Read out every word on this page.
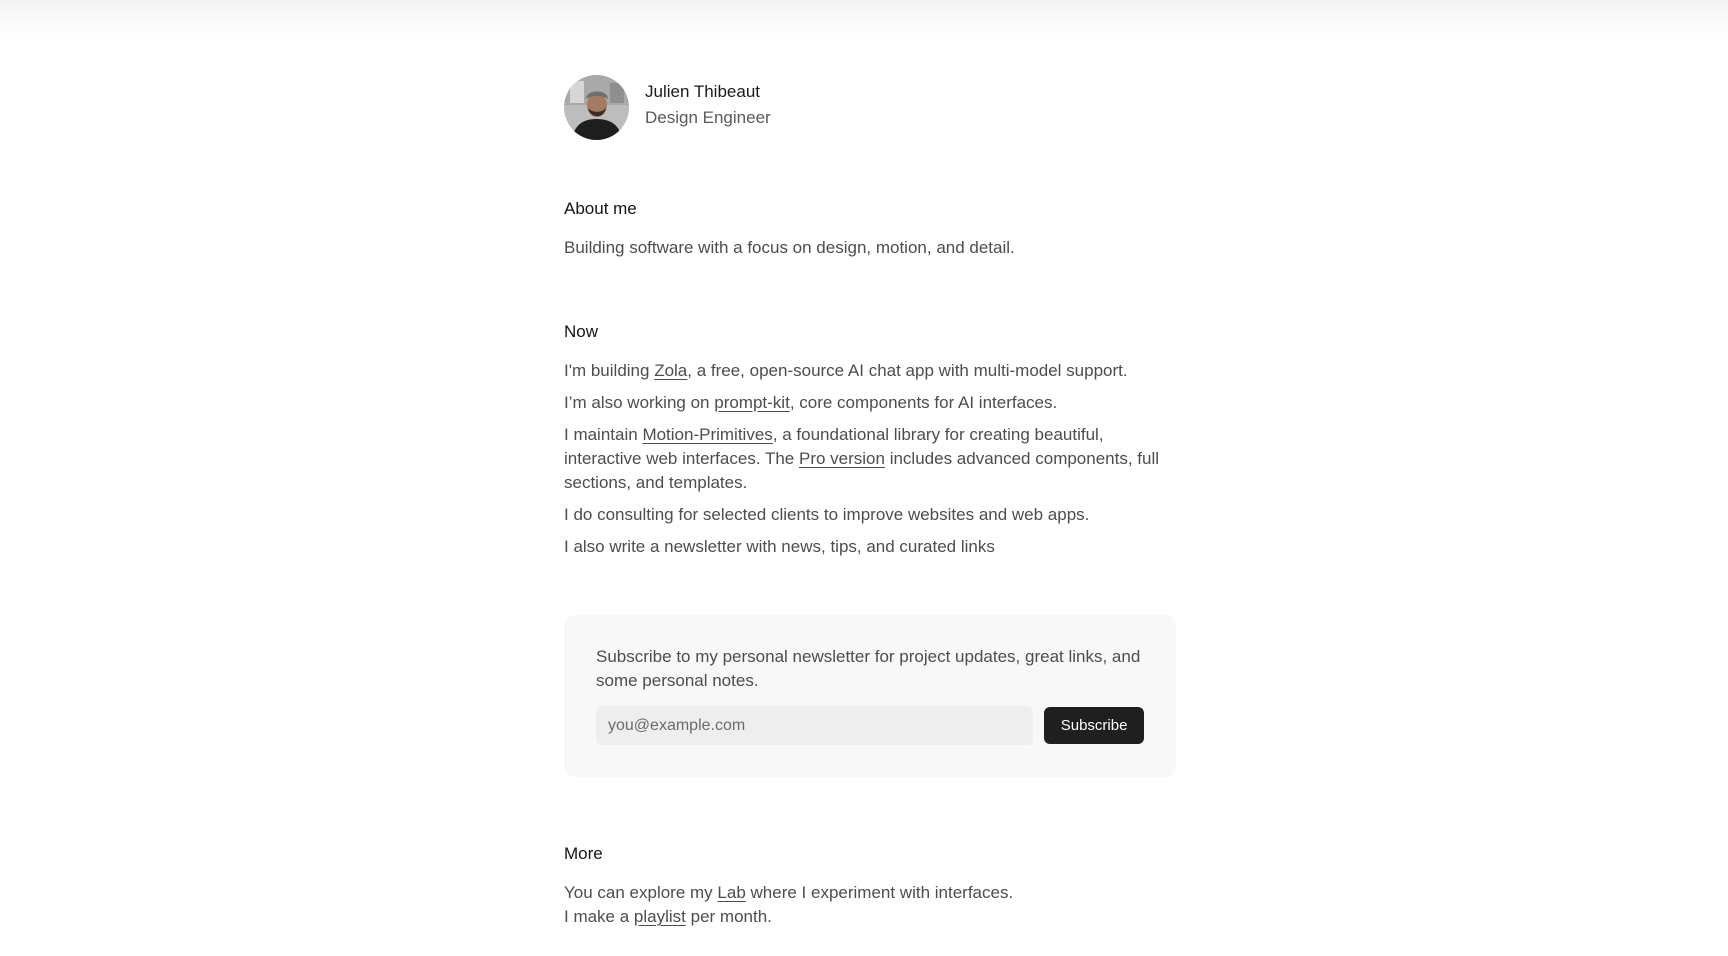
Julien Thibeaut
Design Engineer
About me
Building software with a focus on design, motion, and detail.
Now
I'm building Zola, a free, open-source AI chat app with multi-model support.
I’m also working on prompt-kit, core components for AI interfaces.
I maintain Motion-Primitives, a foundational library for creating beautiful, interactive web interfaces. The Pro version includes advanced components, full sections, and templates.
I do consulting for selected clients to improve websites and web apps.
I also write a newsletter with news, tips, and curated links
Subscribe to my personal newsletter for project updates, great links, and some personal notes.
you@example.com
Subscribe
More
You can explore my Lab where I experiment with interfaces.
I make a playlist per month.
